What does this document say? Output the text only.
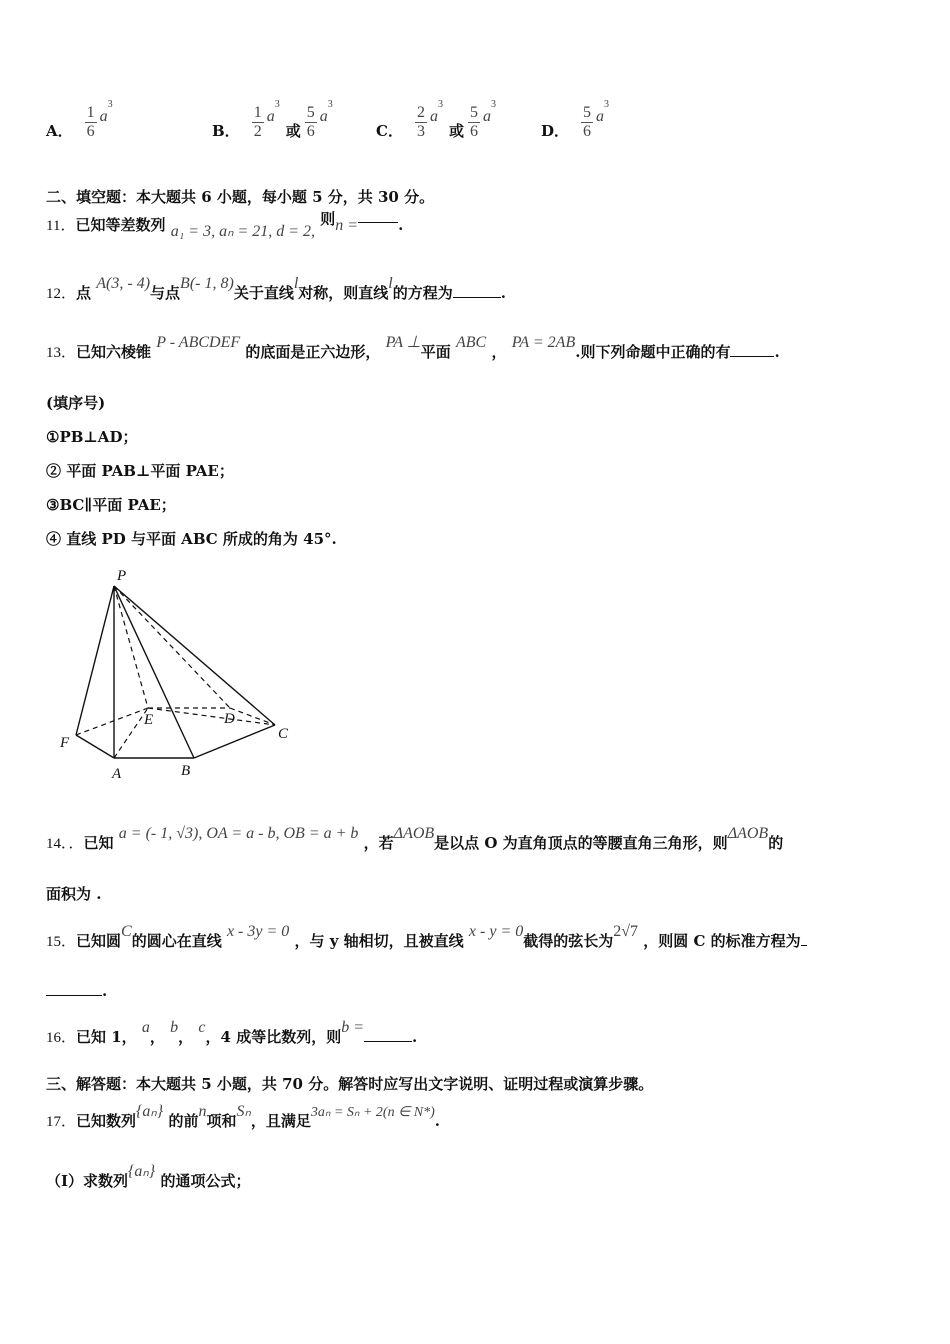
A． $\frac{1}{6}$ a
3
B． $\frac{1}{2}$ a
3
或 $\frac{5}{6}$ a
3
C． $\frac{2}{3}$ a
3
或 $\frac{5}{6}$ a
3
D． $\frac{5}{6}$ a
3
二、填空题：本大题共 6 小题，每小题 5 分，共 30 分。
11．已知等差数列 a₁ = 3, aₙ = 21, d = 2, 则n =	.
12．点 A(3, - 4)与点B(- 1, 8)关于直线l对称，则直线l的方程为	.
13．已知六棱锥 P - ABCDEF 的底面是正六边形， PA ⊥平面 ABC ， PA = 2AB.则下列命题中正确的有	.
(填序号)
①PB⊥AD；
② 平面 PAB⊥平面 PAE；
③BC∥平面 PAE；
④ 直线 PD 与平面 ABC 所成的角为 45°.
P
E	D
C
F
A	B
14．．已知 a = (- 1, √3), OA = a - b, OB = a + b ，若ΔAOB是以点 O 为直角顶点的等腰直角三角形，则ΔAOB的
面积为 .
15．已知圆C的圆心在直线 x - 3y = 0 ，与 y 轴相切，且被直线 x - y = 0截得的弦长为2√7 ，则圆 C 的标准方程为
.
16．已知 1， a， b， c，4 成等比数列，则b =.
三、解答题：本大题共 5 小题，共 70 分。解答时应写出文字说明、证明过程或演算步骤。
17．已知数列{aₙ} 的前n项和Sₙ，且满足3aₙ = Sₙ + 2(n ∈ N*).
（Ⅰ）求数列{aₙ} 的通项公式；
